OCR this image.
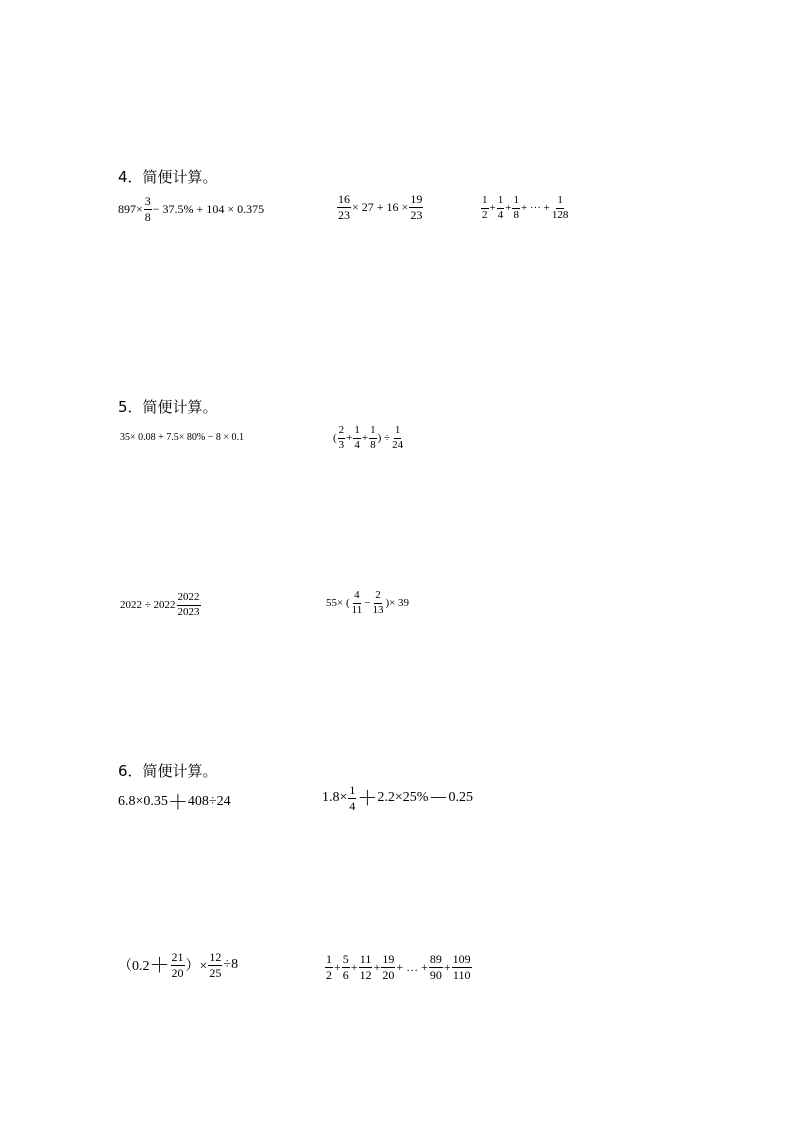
4．简便计算。
$897\times \frac{3}{8} - 37.5\% + 104 \times 0.375$	$\frac{16}{23} \times 27 + 16 \times \frac{19}{23}$	$\frac{1}{2} + \frac{1}{4} + \frac{1}{8}$ + ··· + $\frac{1}{128}$
5．简便计算。
35× 0.08 + 7.5× 80% − 8 × 0.1	( $\frac{2}{3} + \frac{1}{4} + \frac{1}{8}$ ) ÷ $\frac{1}{24}$
$2022 \div 2022 \frac{2022}{2023}$	55× ( $\frac{4}{11} - \frac{2}{13}$ )× 39
6．简便计算。
6.8×0.35 ＋ 408÷24	$1.8\times \frac{1}{4} + 2.2\times 25\% - 0.25$
（$0.2 + \frac{21}{20}$ ）× $\frac{12}{25} \div 8$	$\frac{1}{2} + \frac{5}{6} + \frac{11}{12} + \frac{19}{20}$ + … + $\frac{89}{90} + \frac{109}{110}$
